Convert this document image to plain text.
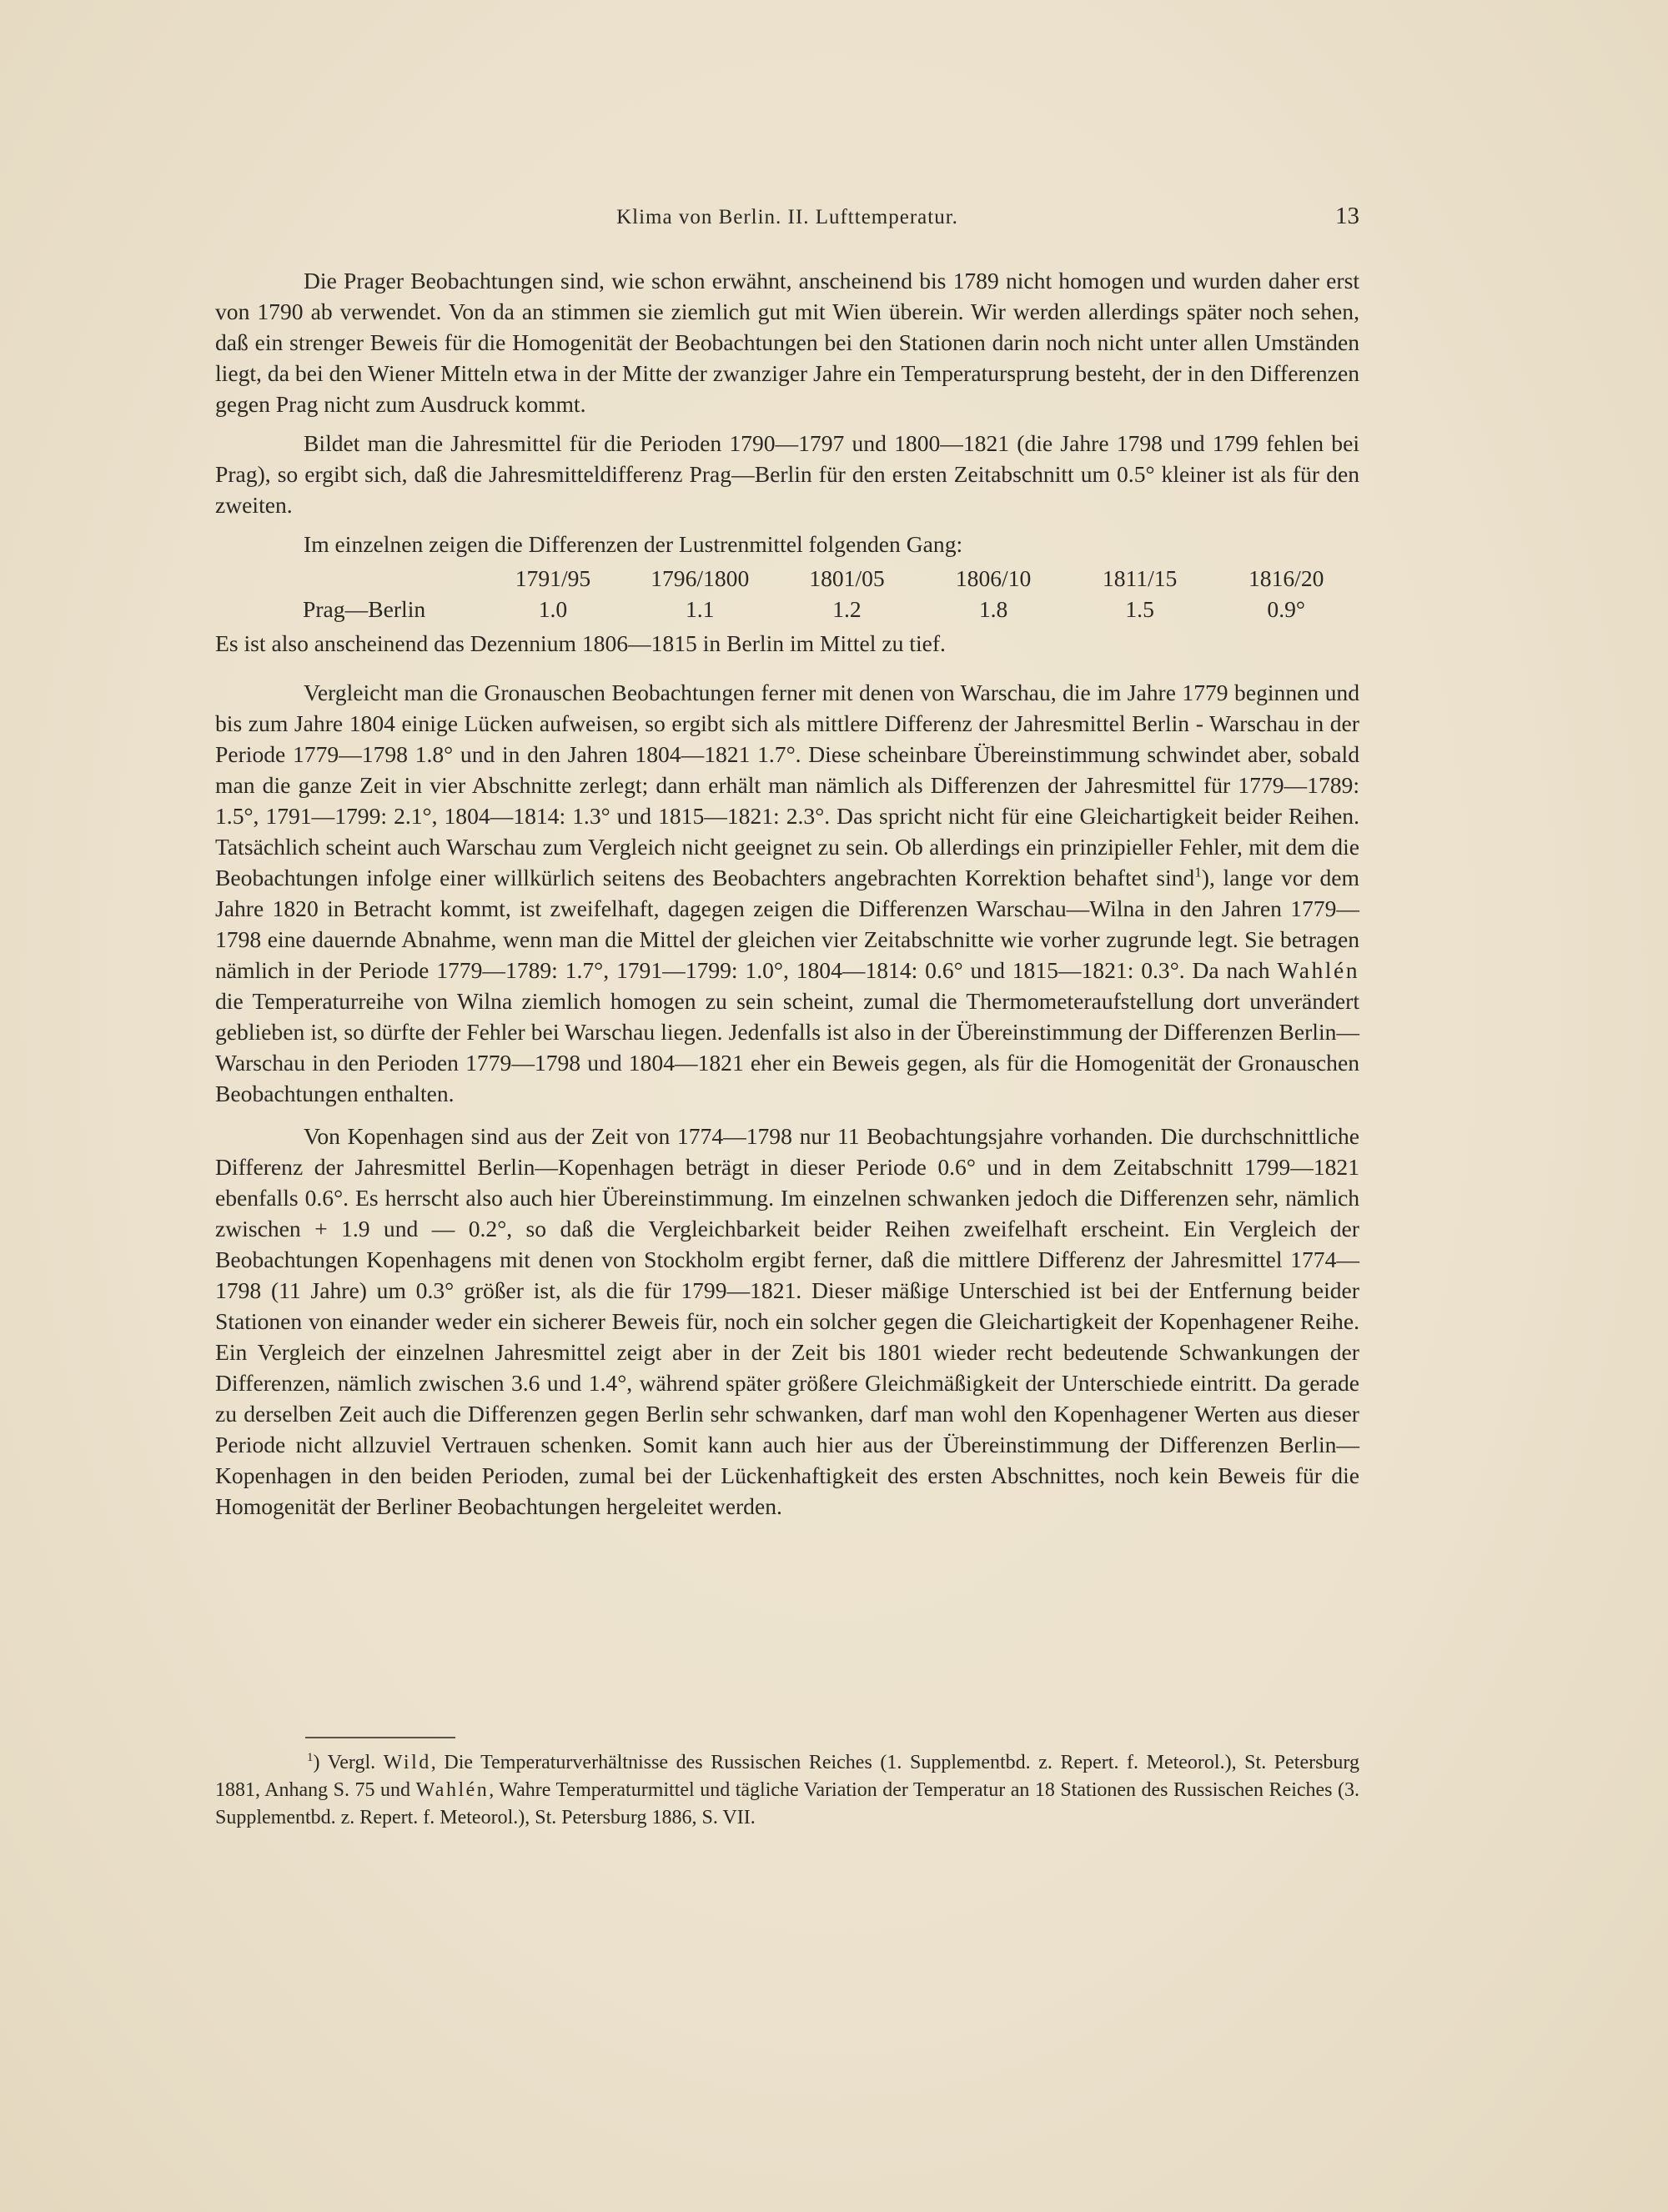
Klima von Berlin. II. Lufttemperatur.	13

Die Prager Beobachtungen sind, wie schon erwähnt, anscheinend bis 1789 nicht homogen und wurden daher erst von 1790 ab verwendet. Von da an stimmen sie ziemlich gut mit Wien überein. Wir werden allerdings später noch sehen, daß ein strenger Beweis für die Homogenität der Beobachtungen bei den Stationen darin noch nicht unter allen Umständen liegt, da bei den Wiener Mitteln etwa in der Mitte der zwanziger Jahre ein Temperatursprung besteht, der in den Differenzen gegen Prag nicht zum Ausdruck kommt.

Bildet man die Jahresmittel für die Perioden 1790—1797 und 1800—1821 (die Jahre 1798 und 1799 fehlen bei Prag), so ergibt sich, daß die Jahresmitteldifferenz Prag—Berlin für den ersten Zeitabschnitt um 0.5° kleiner ist als für den zweiten.

Im einzelnen zeigen die Differenzen der Lustrenmittel folgenden Gang:

	1791/95	1796/1800	1801/05	1806/10	1811/15	1816/20
Prag—Berlin	1.0	1.1	1.2	1.8	1.5	0.9°

Es ist also anscheinend das Dezennium 1806—1815 in Berlin im Mittel zu tief.

Vergleicht man die Gronauschen Beobachtungen ferner mit denen von Warschau, die im Jahre 1779 beginnen und bis zum Jahre 1804 einige Lücken aufweisen, so ergibt sich als mittlere Differenz der Jahresmittel Berlin - Warschau in der Periode 1779—1798 1.8° und in den Jahren 1804—1821 1.7°. Diese scheinbare Übereinstimmung schwindet aber, sobald man die ganze Zeit in vier Abschnitte zerlegt; dann erhält man nämlich als Differenzen der Jahresmittel für 1779—1789: 1.5°, 1791—1799: 2.1°, 1804—1814: 1.3° und 1815—1821: 2.3°. Das spricht nicht für eine Gleichartigkeit beider Reihen. Tatsächlich scheint auch Warschau zum Vergleich nicht geeignet zu sein. Ob allerdings ein prinzipieller Fehler, mit dem die Beobachtungen infolge einer willkürlich seitens des Beobachters angebrachten Korrektion behaftet sind$^1$), lange vor dem Jahre 1820 in Betracht kommt, ist zweifelhaft, dagegen zeigen die Differenzen Warschau—Wilna in den Jahren 1779—1798 eine dauernde Abnahme, wenn man die Mittel der gleichen vier Zeitabschnitte wie vorher zugrunde legt. Sie betragen nämlich in der Periode 1779—1789: 1.7°, 1791—1799: 1.0°, 1804—1814: 0.6° und 1815—1821: 0.3°. Da nach Wahlén die Temperaturreihe von Wilna ziemlich homogen zu sein scheint, zumal die Thermometeraufstellung dort unverändert geblieben ist, so dürfte der Fehler bei Warschau liegen. Jedenfalls ist also in der Übereinstimmung der Differenzen Berlin—Warschau in den Perioden 1779—1798 und 1804—1821 eher ein Beweis gegen, als für die Homogenität der Gronauschen Beobachtungen enthalten.

Von Kopenhagen sind aus der Zeit von 1774—1798 nur 11 Beobachtungsjahre vorhanden. Die durchschnittliche Differenz der Jahresmittel Berlin—Kopenhagen beträgt in dieser Periode 0.6° und in dem Zeitabschnitt 1799—1821 ebenfalls 0.6°. Es herrscht also auch hier Übereinstimmung. Im einzelnen schwanken jedoch die Differenzen sehr, nämlich zwischen + 1.9 und — 0.2°, so daß die Vergleichbarkeit beider Reihen zweifelhaft erscheint. Ein Vergleich der Beobachtungen Kopenhagens mit denen von Stockholm ergibt ferner, daß die mittlere Differenz der Jahresmittel 1774—1798 (11 Jahre) um 0.3° größer ist, als die für 1799—1821. Dieser mäßige Unterschied ist bei der Entfernung beider Stationen von einander weder ein sicherer Beweis für, noch ein solcher gegen die Gleichartigkeit der Kopenhagener Reihe. Ein Vergleich der einzelnen Jahresmittel zeigt aber in der Zeit bis 1801 wieder recht bedeutende Schwankungen der Differenzen, nämlich zwischen 3.6 und 1.4°, während später größere Gleichmäßigkeit der Unterschiede eintritt. Da gerade zu derselben Zeit auch die Differenzen gegen Berlin sehr schwanken, darf man wohl den Kopenhagener Werten aus dieser Periode nicht allzuviel Vertrauen schenken. Somit kann auch hier aus der Übereinstimmung der Differenzen Berlin—Kopenhagen in den beiden Perioden, zumal bei der Lückenhaftigkeit des ersten Abschnittes, noch kein Beweis für die Homogenität der Berliner Beobachtungen hergeleitet werden.

$^1$) Vergl. Wild, Die Temperaturverhältnisse des Russischen Reiches (1. Supplementbd. z. Repert. f. Meteorol.), St. Petersburg 1881, Anhang S. 75 und Wahlén, Wahre Temperaturmittel und tägliche Variation der Temperatur an 18 Stationen des Russischen Reiches (3. Supplementbd. z. Repert. f. Meteorol.), St. Petersburg 1886, S. VII.
